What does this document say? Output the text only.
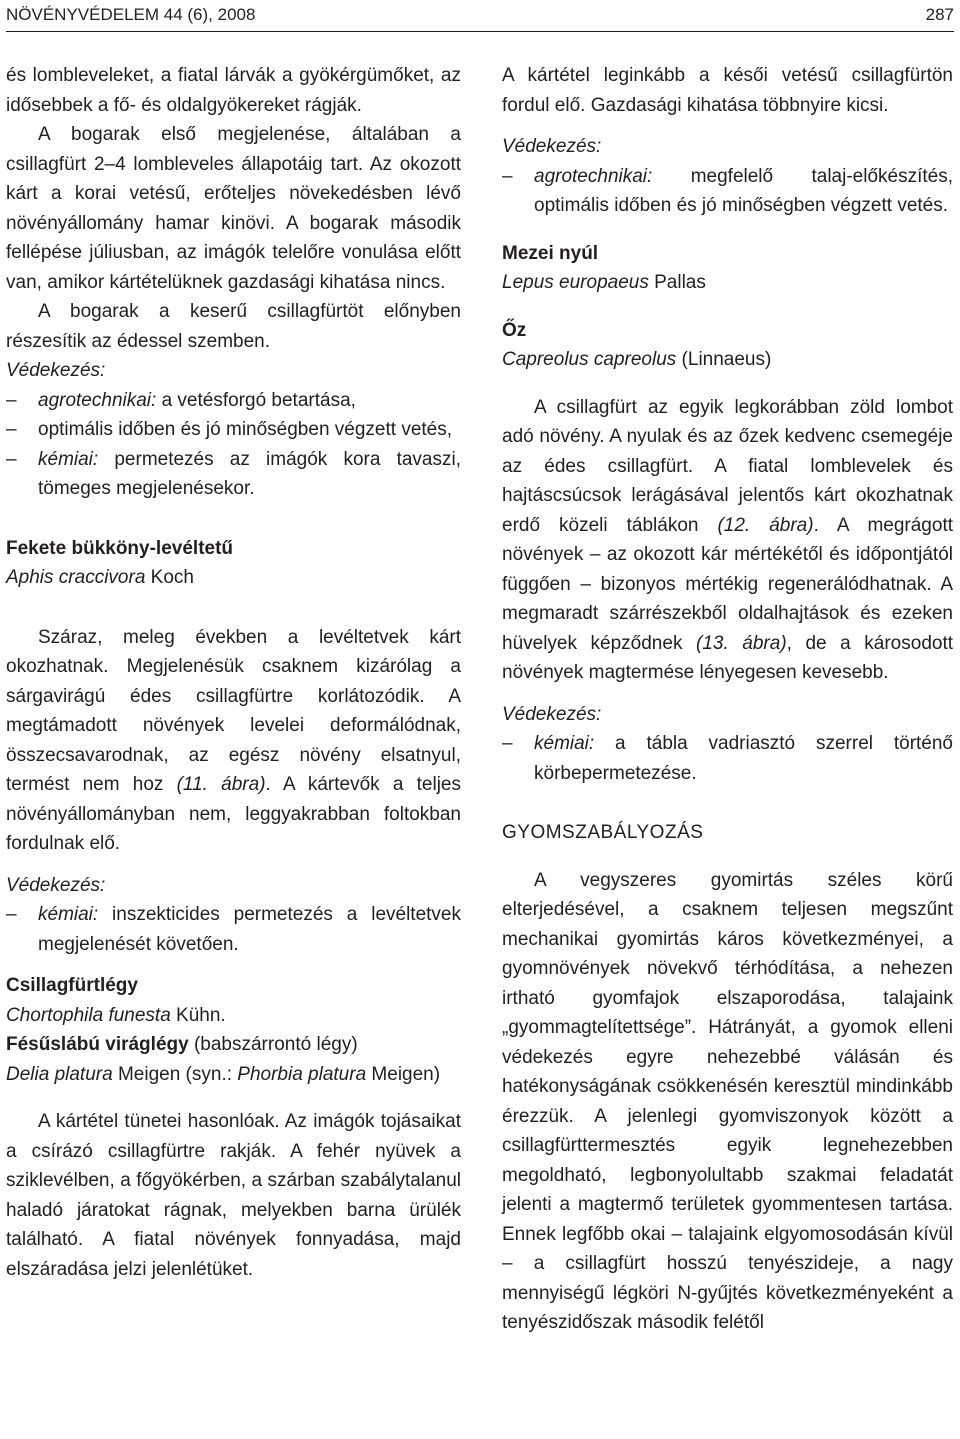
NÖVÉNYVÉDELEM 44 (6), 2008	287

és lombleveleket, a fiatal lárvák a gyökérgümőket, az idősebbek a fő- és oldalgyökereket rágják.

A bogarak első megjelenése, általában a csillagfürt 2–4 lombleveles állapotáig tart. Az okozott kárt a korai vetésű, erőteljes növekedésben lévő növényállomány hamar kinövi. A bogarak második fellépése júliusban, az imágók telelőre vonulása előtt van, amikor kártételüknek gazdasági kihatása nincs.

A bogarak a keserű csillagfürtöt előnyben részesítik az édessel szemben.

Védekezés:

– agrotechnikai: a vetésforgó betartása,
– optimális időben és jó minőségben végzett vetés,
– kémiai: permetezés az imágók kora tavaszi, tömeges megjelenésekor.

Fekete bükköny-levéltetű

Aphis craccivora Koch

Száraz, meleg években a levéltetvek kárt okozhatnak. Megjelenésük csaknem kizárólag a sárgavirágú édes csillagfürtre korlátozódik. A megtámadott növények levelei deformálódnak, összecsavarodnak, az egész növény elsatnyul, termést nem hoz (11. ábra). A kártevők a teljes növényállományban nem, leggyakrabban foltokban fordulnak elő.

Védekezés:

– kémiai: inszekticides permetezés a levéltetvek megjelenését követően.

Csillagfürtlégy

Chortophila funesta Kühn.

Fésűslábú viráglégy (babszárrontó légy)

Delia platura Meigen (syn.: Phorbia platura Meigen)

A kártétel tünetei hasonlóak. Az imágók tojásaikat a csírázó csillagfürtre rakják. A fehér nyüvek a sziklevélben, a főgyökérben, a szárban szabálytalanul haladó járatokat rágnak, melyekben barna ürülék található. A fiatal növények fonnyadása, majd elszáradása jelzi jelenlétüket.

A kártétel leginkább a késői vetésű csillagfürtön fordul elő. Gazdasági kihatása többnyire kicsi.

Védekezés:

– agrotechnikai: megfelelő talaj-előkészítés, optimális időben és jó minőségben végzett vetés.

Mezei nyúl

Lepus europaeus Pallas

Őz

Capreolus capreolus (Linnaeus)

A csillagfürt az egyik legkorábban zöld lombot adó növény. A nyulak és az őzek kedvenc csemegéje az édes csillagfürt. A fiatal lomblevelek és hajtáscsúcsok lerágásával jelentős kárt okozhatnak erdő közeli táblákon (12. ábra). A megrágott növények – az okozott kár mértékétől és időpontjától függően – bizonyos mértékig regenerálódhatnak. A megmaradt szárrészekből oldalhajtások és ezeken hüvelyek képződnek (13. ábra), de a károsodott növények magtermése lényegesen kevesebb.

Védekezés:

– kémiai: a tábla vadriasztó szerrel történő körbepermetezése.

GYOMSZABÁLYOZÁS

A vegyszeres gyomirtás széles körű elterjedésével, a csaknem teljesen megszűnt mechanikai gyomirtás káros következményei, a gyomnövények növekvő térhódítása, a nehezen irtható gyomfajok elszaporodása, talajaink „gyommagtelítettsége”. Hátrányát, a gyomok elleni védekezés egyre nehezebbé válásán és hatékonyságának csökkenésén keresztül mindinkább érezzük. A jelenlegi gyomviszonyok között a csillagfürttermesztés egyik legnehezebben megoldható, legbonyolultabb szakmai feladatát jelenti a magtermő területek gyommentesen tartása. Ennek legfőbb okai – talajaink elgyomosodásán kívül – a csillagfürt hosszú tenyészideje, a nagy mennyiségű légköri N-gyűjtés következményeként a tenyészidőszak második felétől
